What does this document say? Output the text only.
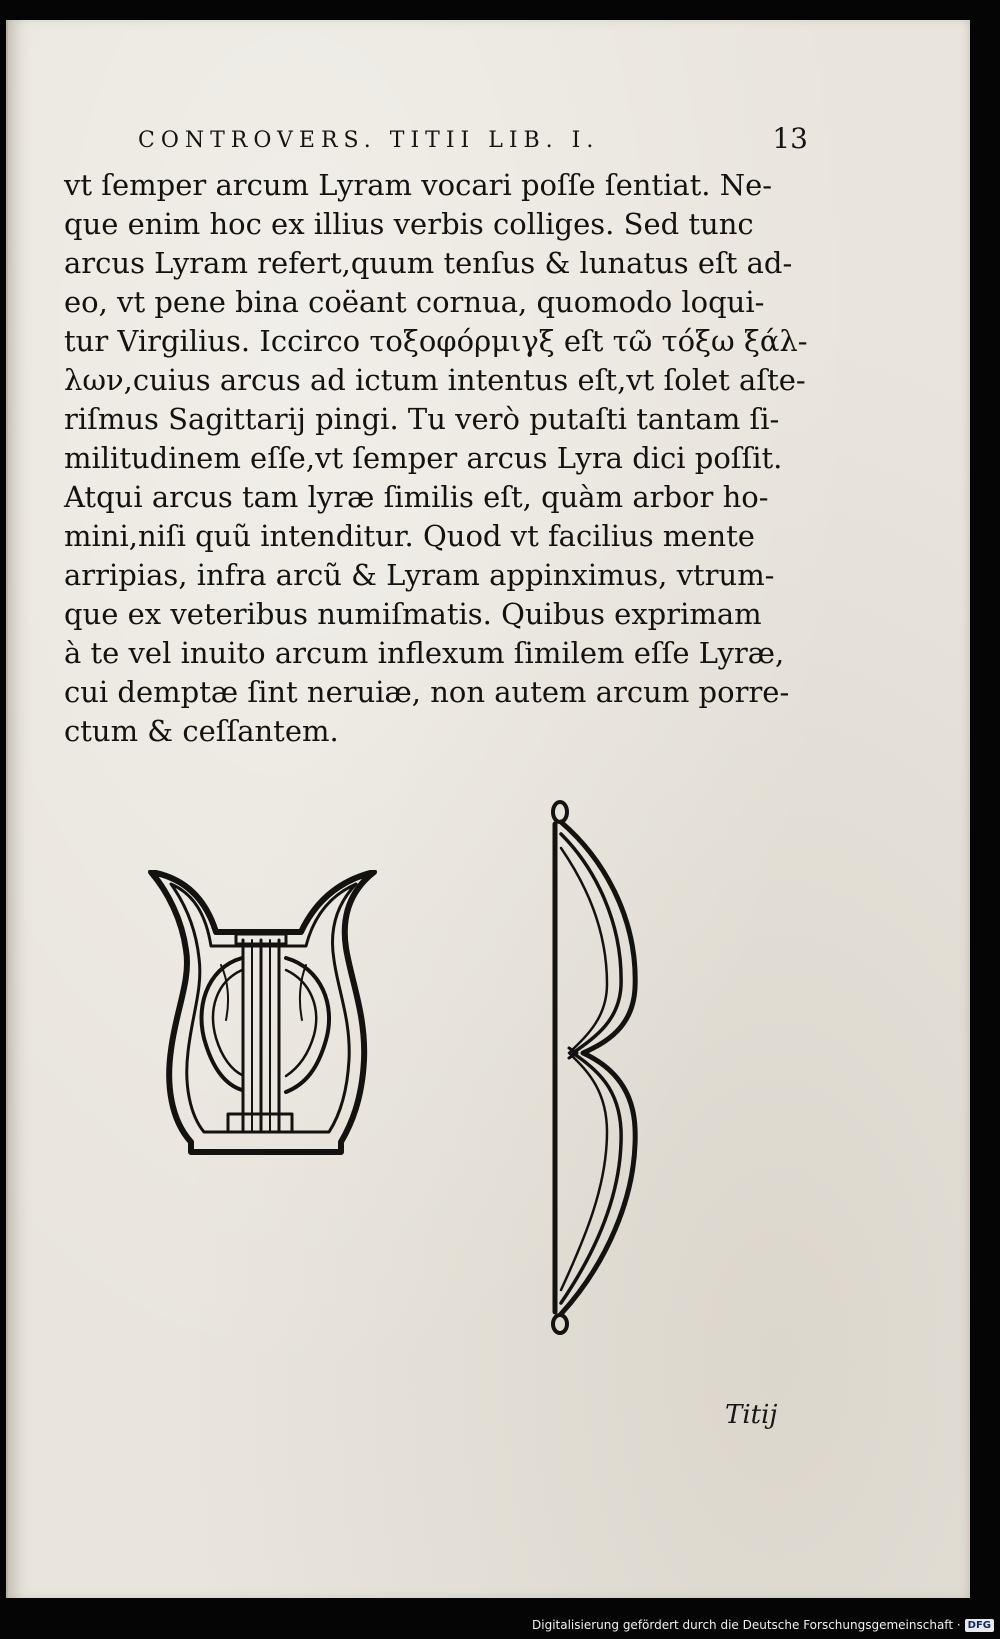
CONTROVERS. TITII LIB. I.	13
vt ſemper arcum Lyram vocari poſſe ſentiat. Ne-
que enim hoc ex illius verbis colliges. Sed tunc
arcus Lyram refert,quum tenſus & lunatus eſt ad-
eo, vt pene bina coëant cornua, quomodo loqui-
tur Virgilius. Iccirco τοξοφόρμιγξ eſt τῶ τόξω ξάλ-
λων,cuius arcus ad ictum intentus eſt,vt ſolet aſte-
riſmus Sagittarij pingi. Tu verò putaſti tantam ſi-
militudinem eſſe,vt ſemper arcus Lyra dici poſſit.
Atqui arcus tam lyræ ſimilis eſt, quàm arbor ho-
mini,niſi quũ intenditur. Quod vt facilius mente
arripias, infra arcũ & Lyram appinximus, vtrum-
que ex veteribus numiſmatis. Quibus exprimam
à te vel inuito arcum inflexum ſimilem eſſe Lyræ,
cui demptæ ſint neruiæ, non autem arcum porre-
ctum & ceſſantem.
Titij
Digitalisierung gefördert durch die Deutsche Forschungsgemeinschaft · DFG
